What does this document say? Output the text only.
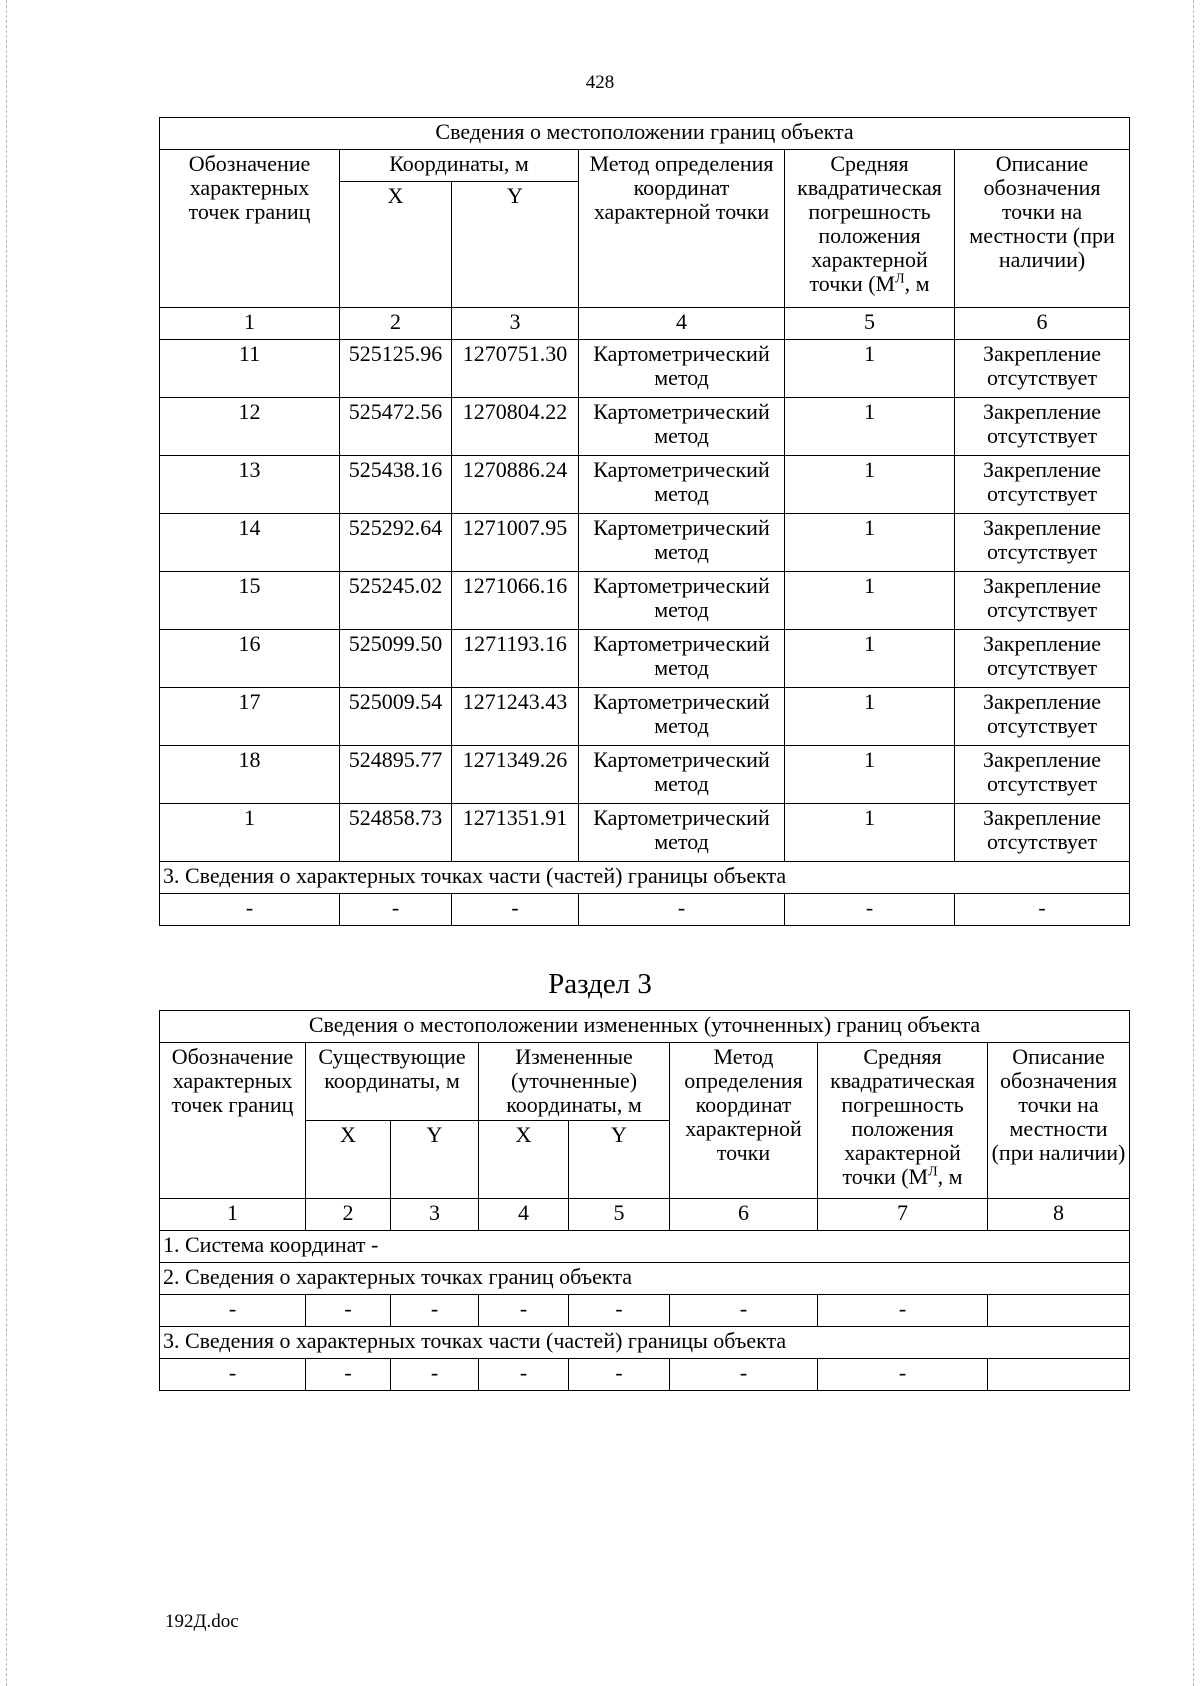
428
Сведения о местоположении границ объекта					
Обозначение характерных точек границ	Координаты, м		Метод определения координат характерной точки	Средняя квадратическая погрешность положения характерной точки ($М^Л$, м	Описание обозначения точки на местности (при наличии)
	X	Y			
1	2	3	4	5	6
11	525125.96	1270751.30	Картометрический метод	1	Закрепление отсутствует
12	525472.56	1270804.22	Картометрический метод	1	Закрепление отсутствует
13	525438.16	1270886.24	Картометрический метод	1	Закрепление отсутствует
14	525292.64	1271007.95	Картометрический метод	1	Закрепление отсутствует
15	525245.02	1271066.16	Картометрический метод	1	Закрепление отсутствует
16	525099.50	1271193.16	Картометрический метод	1	Закрепление отсутствует
17	525009.54	1271243.43	Картометрический метод	1	Закрепление отсутствует
18	524895.77	1271349.26	Картометрический метод	1	Закрепление отсутствует
1	524858.73	1271351.91	Картометрический метод	1	Закрепление отсутствует
3. Сведения о характерных точках части (частей) границы объекта					
-	-	-	-	-	-
Раздел 3
Сведения о местоположении измененных (уточненных) границ объекта							
Обозначение характерных точек границ	Существующие координаты, м		Измененные (уточненные) координаты, м		Метод определения координат характерной точки	Средняя квадратическая погрешность положения характерной точки ($М^Л$, м	Описание обозначения точки на местности (при наличии)
	X	Y	X	Y			
1	2	3	4	5	6	7	8
1. Система координат -							
2. Сведения о характерных точках границ объекта							
-	-	-	-	-	-	-	
3. Сведения о характерных точках части (частей) границы объекта							
-	-	-	-	-	-	-	
192Д.doc
